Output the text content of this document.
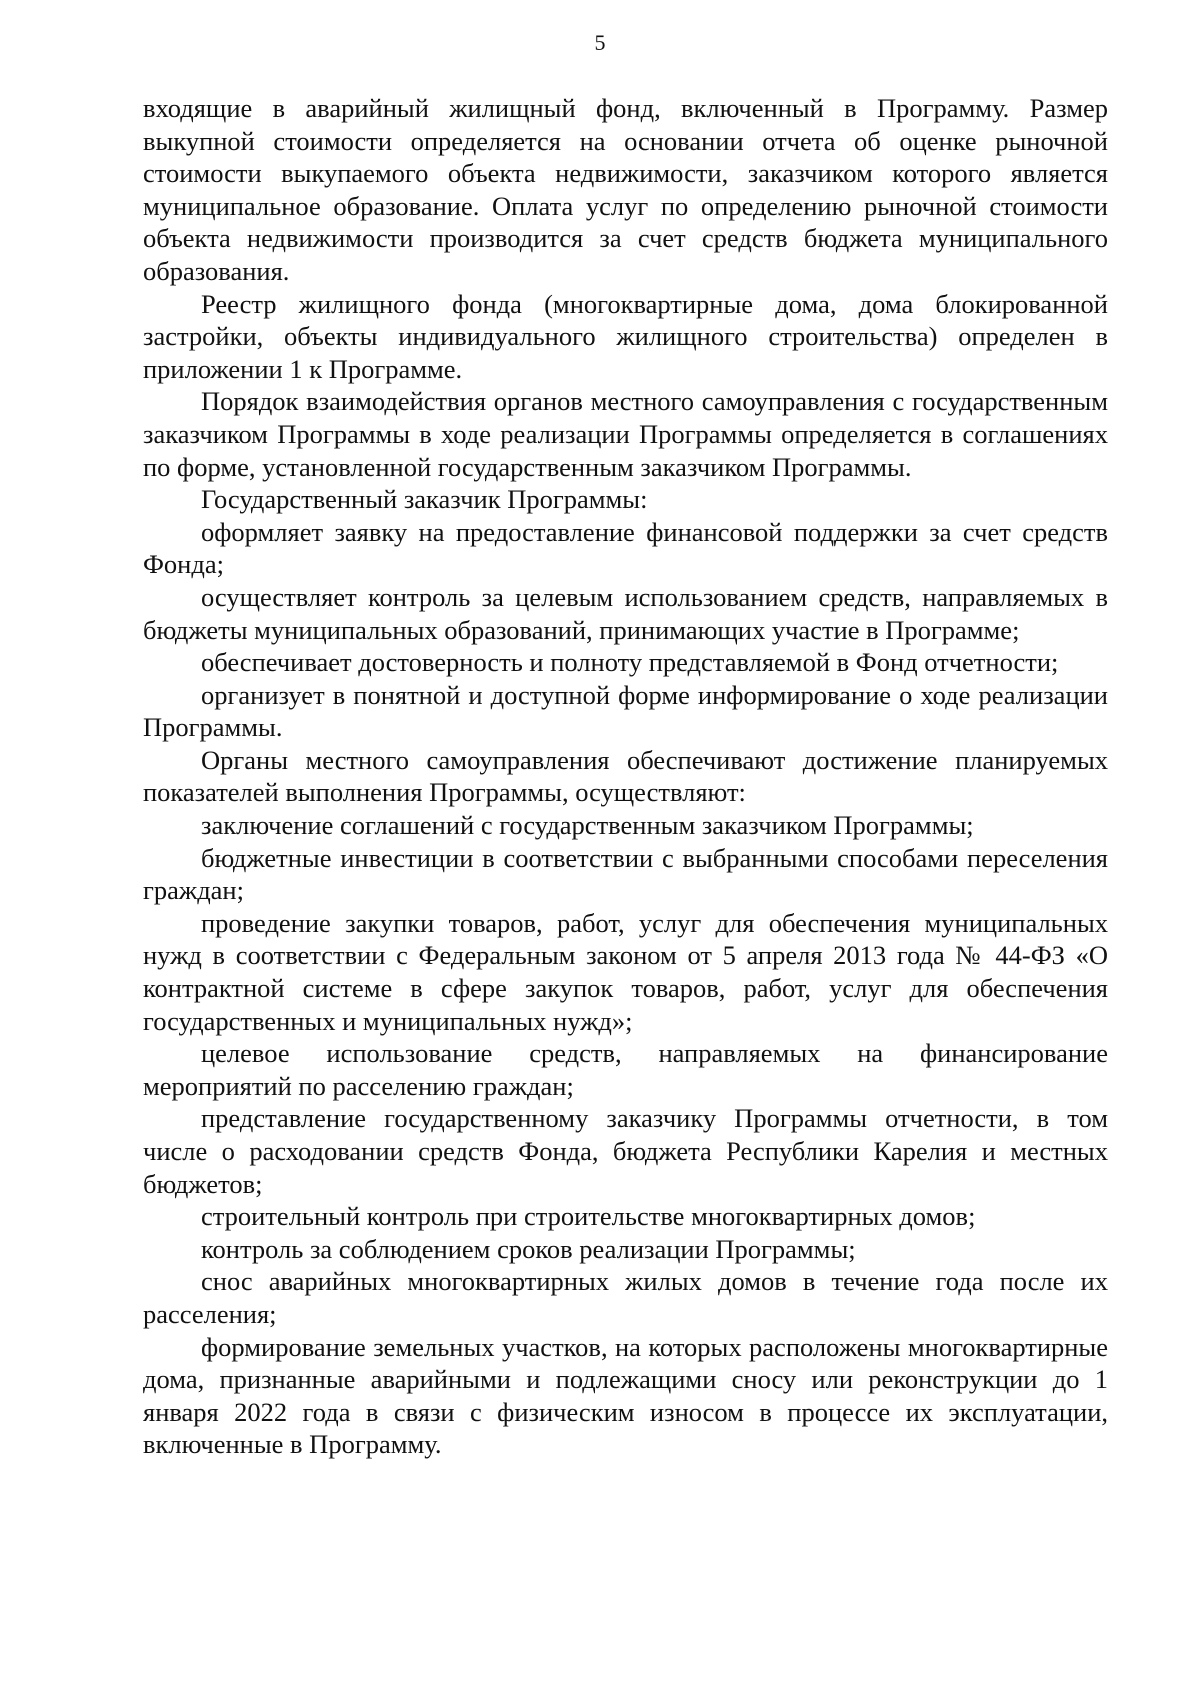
5

входящие в аварийный жилищный фонд, включенный в Программу. Размер выкупной стоимости определяется на основании отчета об оценке рыночной стоимости выкупаемого объекта недвижимости, заказчиком которого является муниципальное образование. Оплата услуг по определению рыночной стоимости объекта недвижимости производится за счет средств бюджета муниципального образования.

Реестр жилищного фонда (многоквартирные дома, дома блокированной застройки, объекты индивидуального жилищного строительства) определен в приложении 1 к Программе.

Порядок взаимодействия органов местного самоуправления с государственным заказчиком Программы в ходе реализации Программы определяется в соглашениях по форме, установленной государственным заказчиком Программы.

Государственный заказчик Программы:

оформляет заявку на предоставление финансовой поддержки за счет средств Фонда;

осуществляет контроль за целевым использованием средств, направляемых в бюджеты муниципальных образований, принимающих участие в Программе;

обеспечивает достоверность и полноту представляемой в Фонд отчетности;

организует в понятной и доступной форме информирование о ходе реализации Программы.

Органы местного самоуправления обеспечивают достижение планируемых показателей выполнения Программы, осуществляют:

заключение соглашений с государственным заказчиком Программы;

бюджетные инвестиции в соответствии с выбранными способами переселения граждан;

проведение закупки товаров, работ, услуг для обеспечения муниципальных нужд в соответствии с Федеральным законом от 5 апреля 2013 года № 44-ФЗ «О контрактной системе в сфере закупок товаров, работ, услуг для обеспечения государственных и муниципальных нужд»;

целевое использование средств, направляемых на финансирование мероприятий по расселению граждан;

представление государственному заказчику Программы отчетности, в том числе о расходовании средств Фонда, бюджета Республики Карелия и местных бюджетов;

строительный контроль при строительстве многоквартирных домов;

контроль за соблюдением сроков реализации Программы;

снос аварийных многоквартирных жилых домов в течение года после их расселения;

формирование земельных участков, на которых расположены многоквартирные дома, признанные аварийными и подлежащими сносу или реконструкции до 1 января 2022 года в связи с физическим износом в процессе их эксплуатации, включенные в Программу.
